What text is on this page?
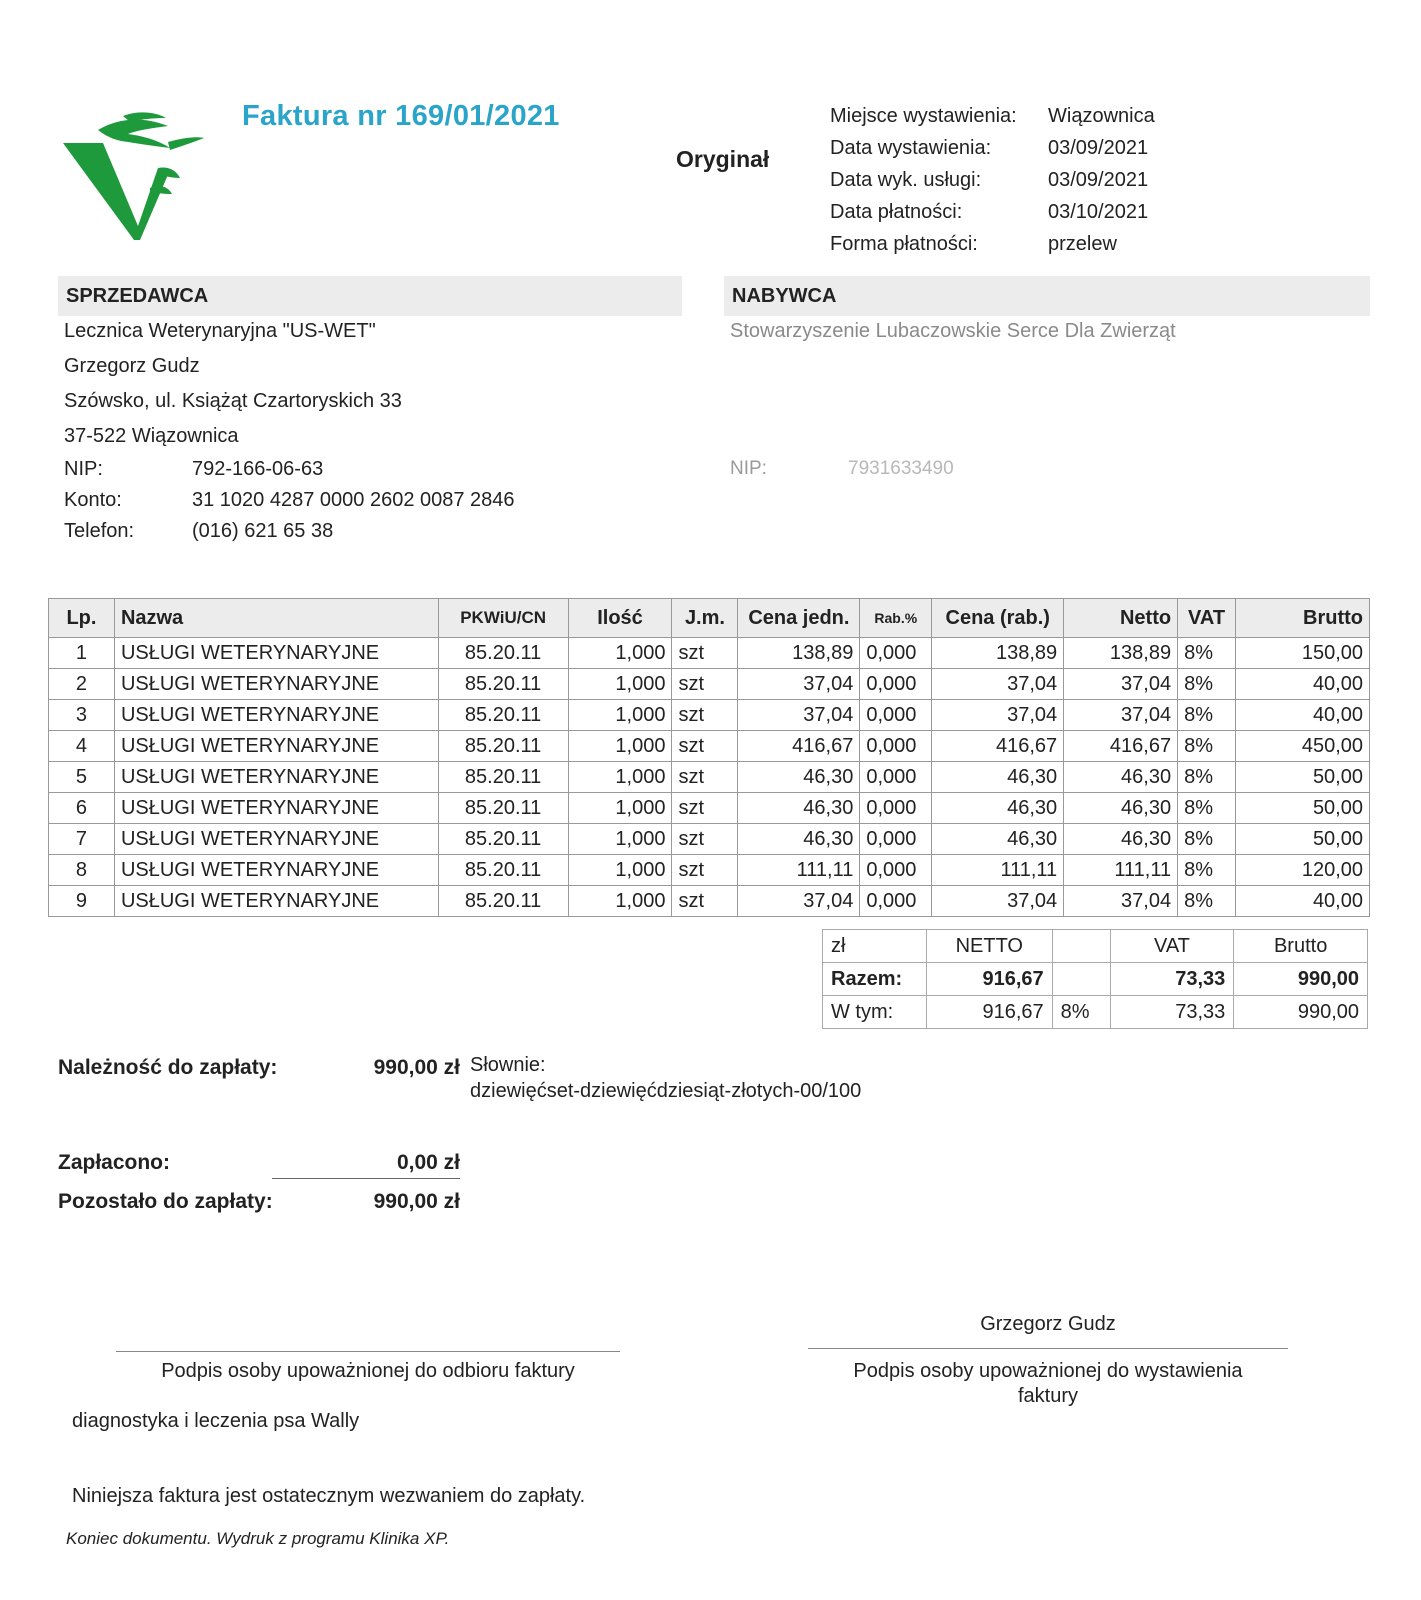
Faktura nr 169/01/2021
Oryginał
Miejsce wystawienia:	Wiązownica
Data wystawienia:	03/09/2021
Data wyk. usługi:	03/09/2021
Data płatności:	03/10/2021
Forma płatności:	przelew
SPRZEDAWCA	NABYWCA
Lecznica Weterynaryjna "US-WET"
Grzegorz Gudz
Szówsko, ul. Książąt Czartoryskich 33
37-522 Wiązownica
NIP:	792-166-06-63
Konto:	31 1020 4287 0000 2602 0087 2846
Telefon:	(016) 621 65 38
Stowarzyszenie Lubaczowskie Serce Dla Zwierząt
NIP:	7931633490
Lp.	Nazwa	PKWiU/CN	Ilość	J.m.	Cena jedn.	Rab.%	Cena (rab.)	Netto	VAT	Brutto
1	USŁUGI WETERYNARYJNE	85.20.11	1,000	szt	138,89	0,000	138,89	138,89	8%	150,00
2	USŁUGI WETERYNARYJNE	85.20.11	1,000	szt	37,04	0,000	37,04	37,04	8%	40,00
3	USŁUGI WETERYNARYJNE	85.20.11	1,000	szt	37,04	0,000	37,04	37,04	8%	40,00
4	USŁUGI WETERYNARYJNE	85.20.11	1,000	szt	416,67	0,000	416,67	416,67	8%	450,00
5	USŁUGI WETERYNARYJNE	85.20.11	1,000	szt	46,30	0,000	46,30	46,30	8%	50,00
6	USŁUGI WETERYNARYJNE	85.20.11	1,000	szt	46,30	0,000	46,30	46,30	8%	50,00
7	USŁUGI WETERYNARYJNE	85.20.11	1,000	szt	46,30	0,000	46,30	46,30	8%	50,00
8	USŁUGI WETERYNARYJNE	85.20.11	1,000	szt	111,11	0,000	111,11	111,11	8%	120,00
9	USŁUGI WETERYNARYJNE	85.20.11	1,000	szt	37,04	0,000	37,04	37,04	8%	40,00
zł	NETTO		VAT	Brutto
Razem:	916,67		73,33	990,00
W tym:	916,67	8%	73,33	990,00
Należność do zapłaty:	990,00 zł Słownie:
dziewięćset-dziewięćdziesiąt-złotych-00/100
Zapłacono:	0,00 zł
Pozostało do zapłaty:	990,00 zł
Podpis osoby upoważnionej do odbioru faktury
Grzegorz Gudz
Podpis osoby upoważnionej do wystawienia faktury
diagnostyka i leczenia psa Wally
Niniejsza faktura jest ostatecznym wezwaniem do zapłaty.
Koniec dokumentu. Wydruk z programu Klinika XP.
